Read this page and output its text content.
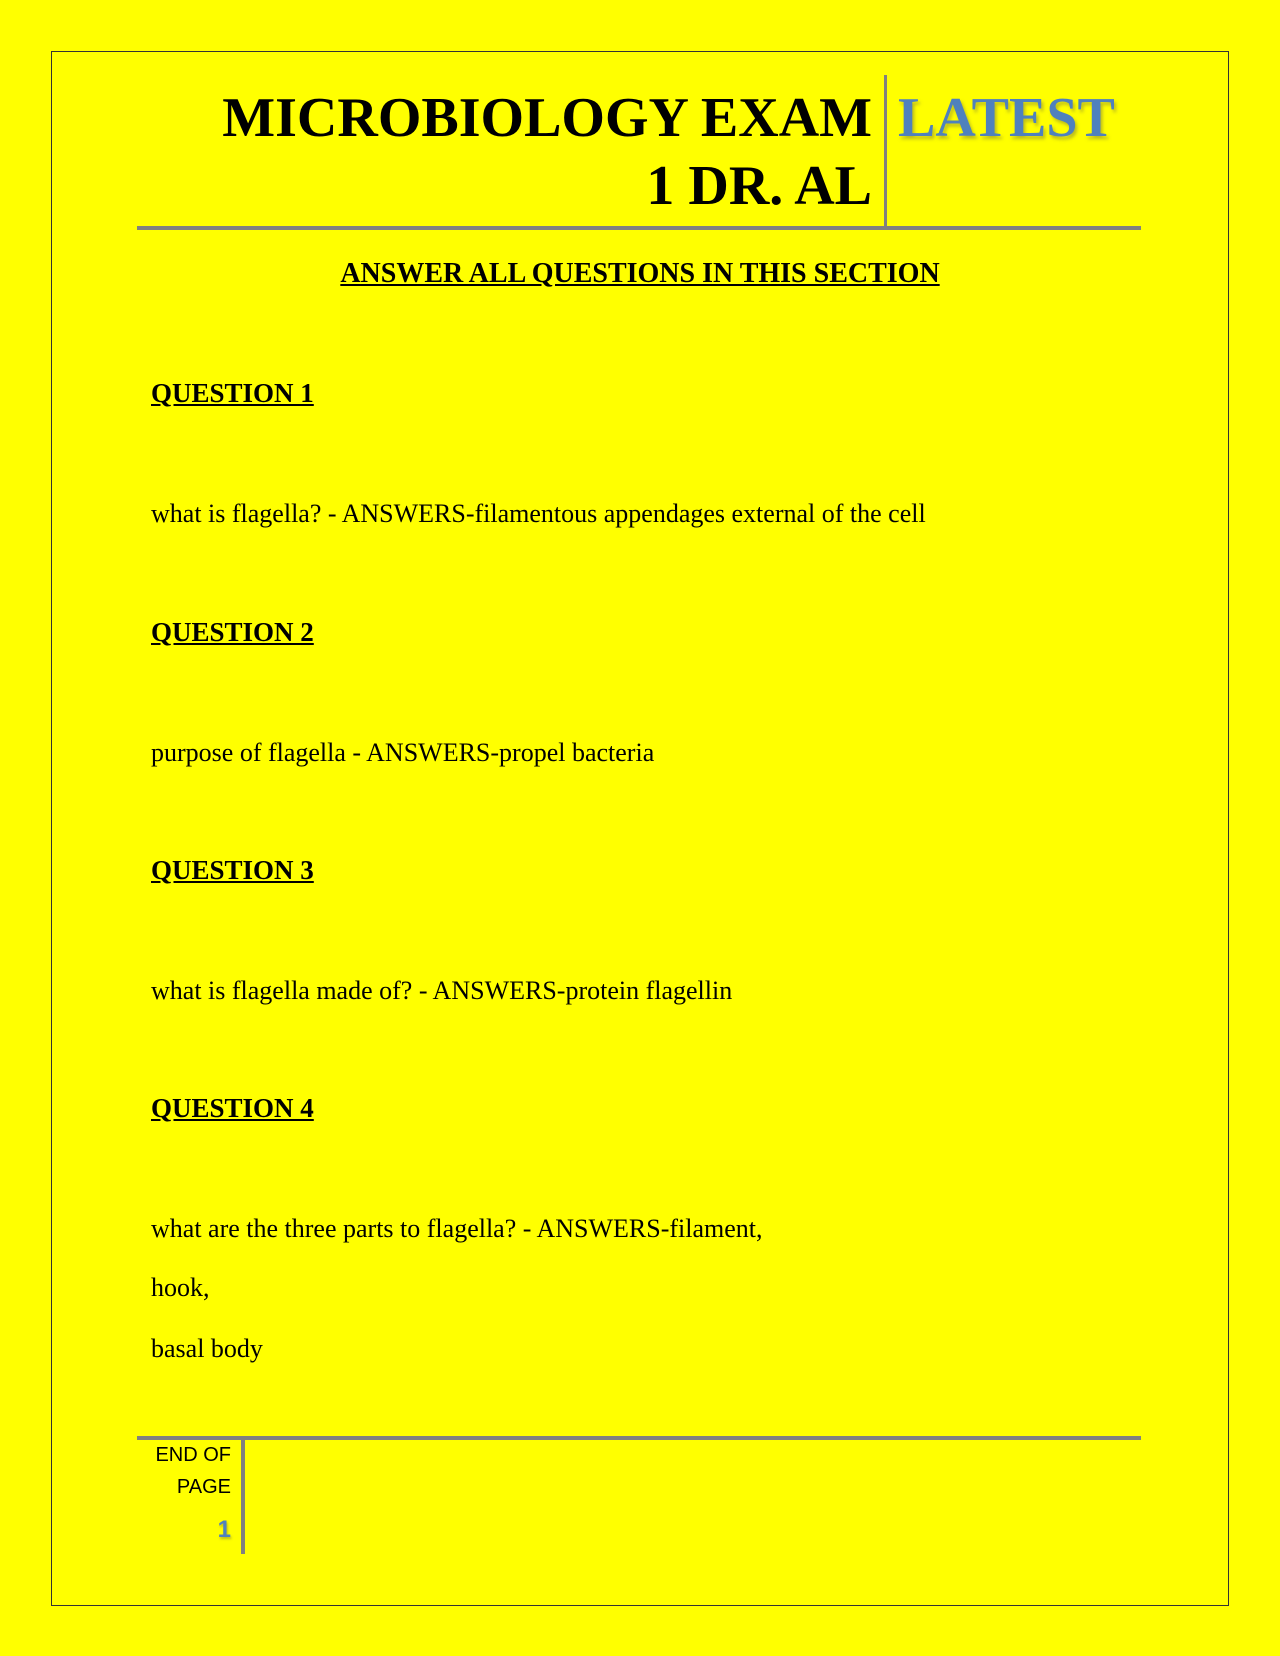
MICROBIOLOGY EXAM
1 DR. AL
LATEST
ANSWER ALL QUESTIONS IN THIS SECTION
QUESTION 1
what is flagella? - ANSWERS-filamentous appendages external of the cell
QUESTION 2
purpose of flagella - ANSWERS-propel bacteria
QUESTION 3
what is flagella made of? - ANSWERS-protein flagellin
QUESTION 4
what are the three parts to flagella? - ANSWERS-filament,
hook,
basal body
END OF
PAGE
1
